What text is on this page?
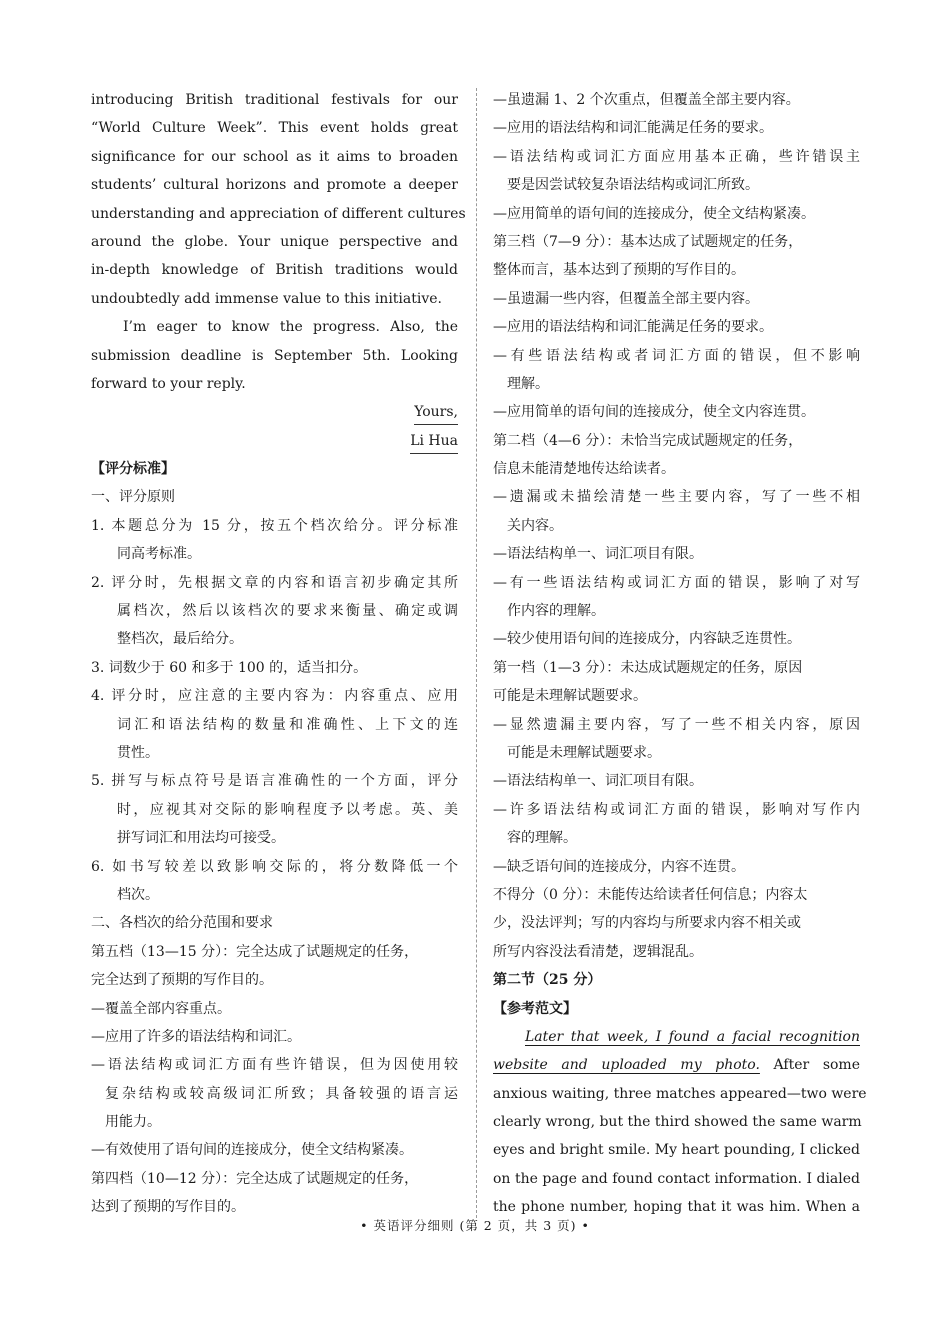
introducing British traditional festivals for our
“World Culture Week”. This event holds great
significance for our school as it aims to broaden
students’ cultural horizons and promote a deeper
understanding and appreciation of different cultures
around the globe. Your unique perspective and
in-depth knowledge of British traditions would
undoubtedly add immense value to this initiative.
I’m eager to know the progress. Also, the
submission deadline is September 5th. Looking
forward to your reply.
Yours,
Li Hua
【评分标准】
一、评分原则
1. 本题总分为 15 分，按五个档次给分。评分标准
同高考标准。
2. 评分时，先根据文章的内容和语言初步确定其所
属档次，然后以该档次的要求来衡量、确定或调
整档次，最后给分。
3. 词数少于 60 和多于 100 的，适当扣分。
4. 评分时，应注意的主要内容为：内容重点、应用
词汇和语法结构的数量和准确性、上下文的连
贯性。
5. 拼写与标点符号是语言准确性的一个方面，评分
时，应视其对交际的影响程度予以考虑。英、美
拼写词汇和用法均可接受。
6. 如书写较差以致影响交际的，将分数降低一个
档次。
二、各档次的给分范围和要求
第五档（13—15 分）：完全达成了试题规定的任务，
完全达到了预期的写作目的。
—覆盖全部内容重点。
—应用了许多的语法结构和词汇。
—语法结构或词汇方面有些许错误，但为因使用较
复杂结构或较高级词汇所致；具备较强的语言运
用能力。
—有效使用了语句间的连接成分，使全文结构紧凑。
第四档（10—12 分）：完全达成了试题规定的任务，
达到了预期的写作目的。
—虽遗漏 1、2 个次重点，但覆盖全部主要内容。
—应用的语法结构和词汇能满足任务的要求。
—语法结构或词汇方面应用基本正确，些许错误主
要是因尝试较复杂语法结构或词汇所致。
—应用简单的语句间的连接成分，使全文结构紧凑。
第三档（7—9 分）：基本达成了试题规定的任务，
整体而言，基本达到了预期的写作目的。
—虽遗漏一些内容，但覆盖全部主要内容。
—应用的语法结构和词汇能满足任务的要求。
—有些语法结构或者词汇方面的错误，但不影响
理解。
—应用简单的语句间的连接成分，使全文内容连贯。
第二档（4—6 分）：未恰当完成试题规定的任务，
信息未能清楚地传达给读者。
—遗漏或未描绘清楚一些主要内容，写了一些不相
关内容。
—语法结构单一、词汇项目有限。
—有一些语法结构或词汇方面的错误，影响了对写
作内容的理解。
—较少使用语句间的连接成分，内容缺乏连贯性。
第一档（1—3 分）：未达成试题规定的任务，原因
可能是未理解试题要求。
—显然遗漏主要内容，写了一些不相关内容，原因
可能是未理解试题要求。
—语法结构单一、词汇项目有限。
—许多语法结构或词汇方面的错误，影响对写作内
容的理解。
—缺乏语句间的连接成分，内容不连贯。
不得分（0 分）：未能传达给读者任何信息；内容太
少，没法评判；写的内容均与所要求内容不相关或
所写内容没法看清楚，逻辑混乱。
第二节（25 分）
【参考范文】
Later that week, I found a facial recognition
website and uploaded my photo. After some
anxious waiting, three matches appeared—two were
clearly wrong, but the third showed the same warm
eyes and bright smile. My heart pounding, I clicked
on the page and found contact information. I dialed
the phone number, hoping that it was him. When a
• 英语评分细则 (第 2 页，共 3 页) •
